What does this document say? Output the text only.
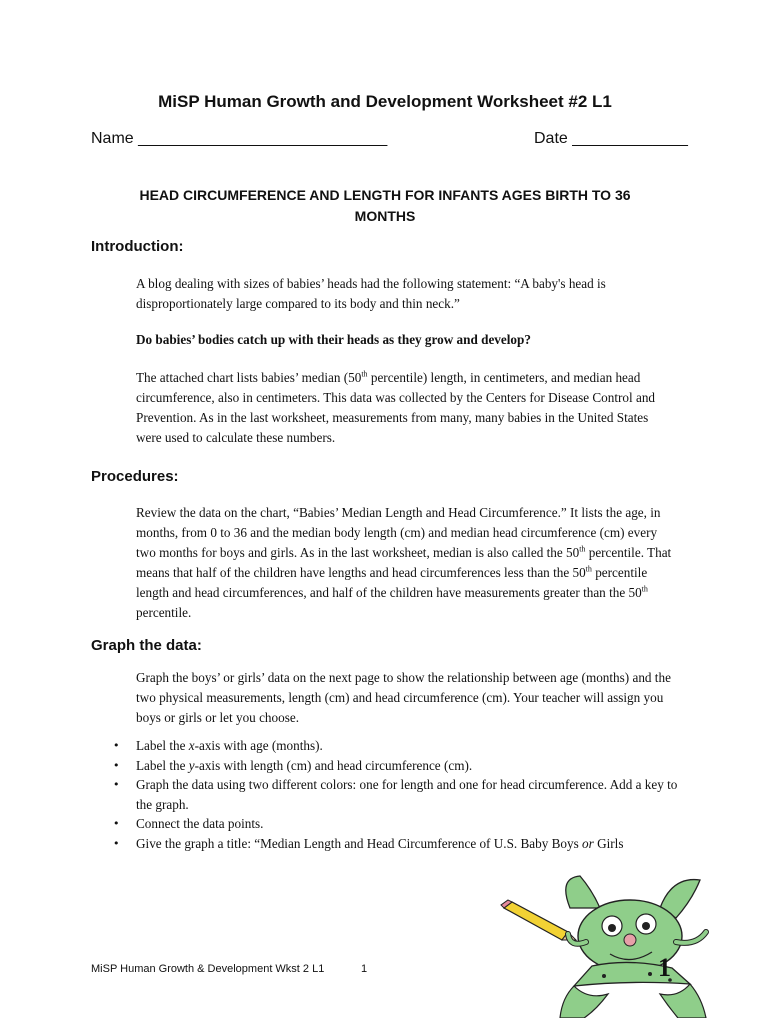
MiSP Human Growth and Development Worksheet #2 L1
Name ____________________________	Date _____________
HEAD CIRCUMFERENCE AND LENGTH FOR INFANTS AGES BIRTH TO 36 MONTHS
Introduction:
A blog dealing with sizes of babies’ heads had the following statement: “A baby's head is disproportionately large compared to its body and thin neck.”
Do babies’ bodies catch up with their heads as they grow and develop?
The attached chart lists babies’ median (50th percentile) length, in centimeters, and median head circumference, also in centimeters. This data was collected by the Centers for Disease Control and Prevention. As in the last worksheet, measurements from many, many babies in the United States were used to calculate these numbers.
Procedures:
Review the data on the chart, “Babies’ Median Length and Head Circumference.” It lists the age, in months, from 0 to 36 and the median body length (cm) and median head circumference (cm) every two months for boys and girls. As in the last worksheet, median is also called the 50th percentile. That means that half of the children have lengths and head circumferences less than the 50th percentile length and head circumferences, and half of the children have measurements greater than the 50th percentile.
Graph the data:
Graph the boys’ or girls’ data on the next page to show the relationship between age (months) and the two physical measurements, length (cm) and head circumference (cm). Your teacher will assign you boys or girls or let you choose.
• Label the x-axis with age (months).
• Label the y-axis with length (cm) and head circumference (cm).
• Graph the data using two different colors: one for length and one for head circumference. Add a key to the graph.
• Connect the data points.
• Give the graph a title: “Median Length and Head Circumference of U.S. Baby Boys or Girls
MiSP Human Growth & Development Wkst 2 L1	1	1
